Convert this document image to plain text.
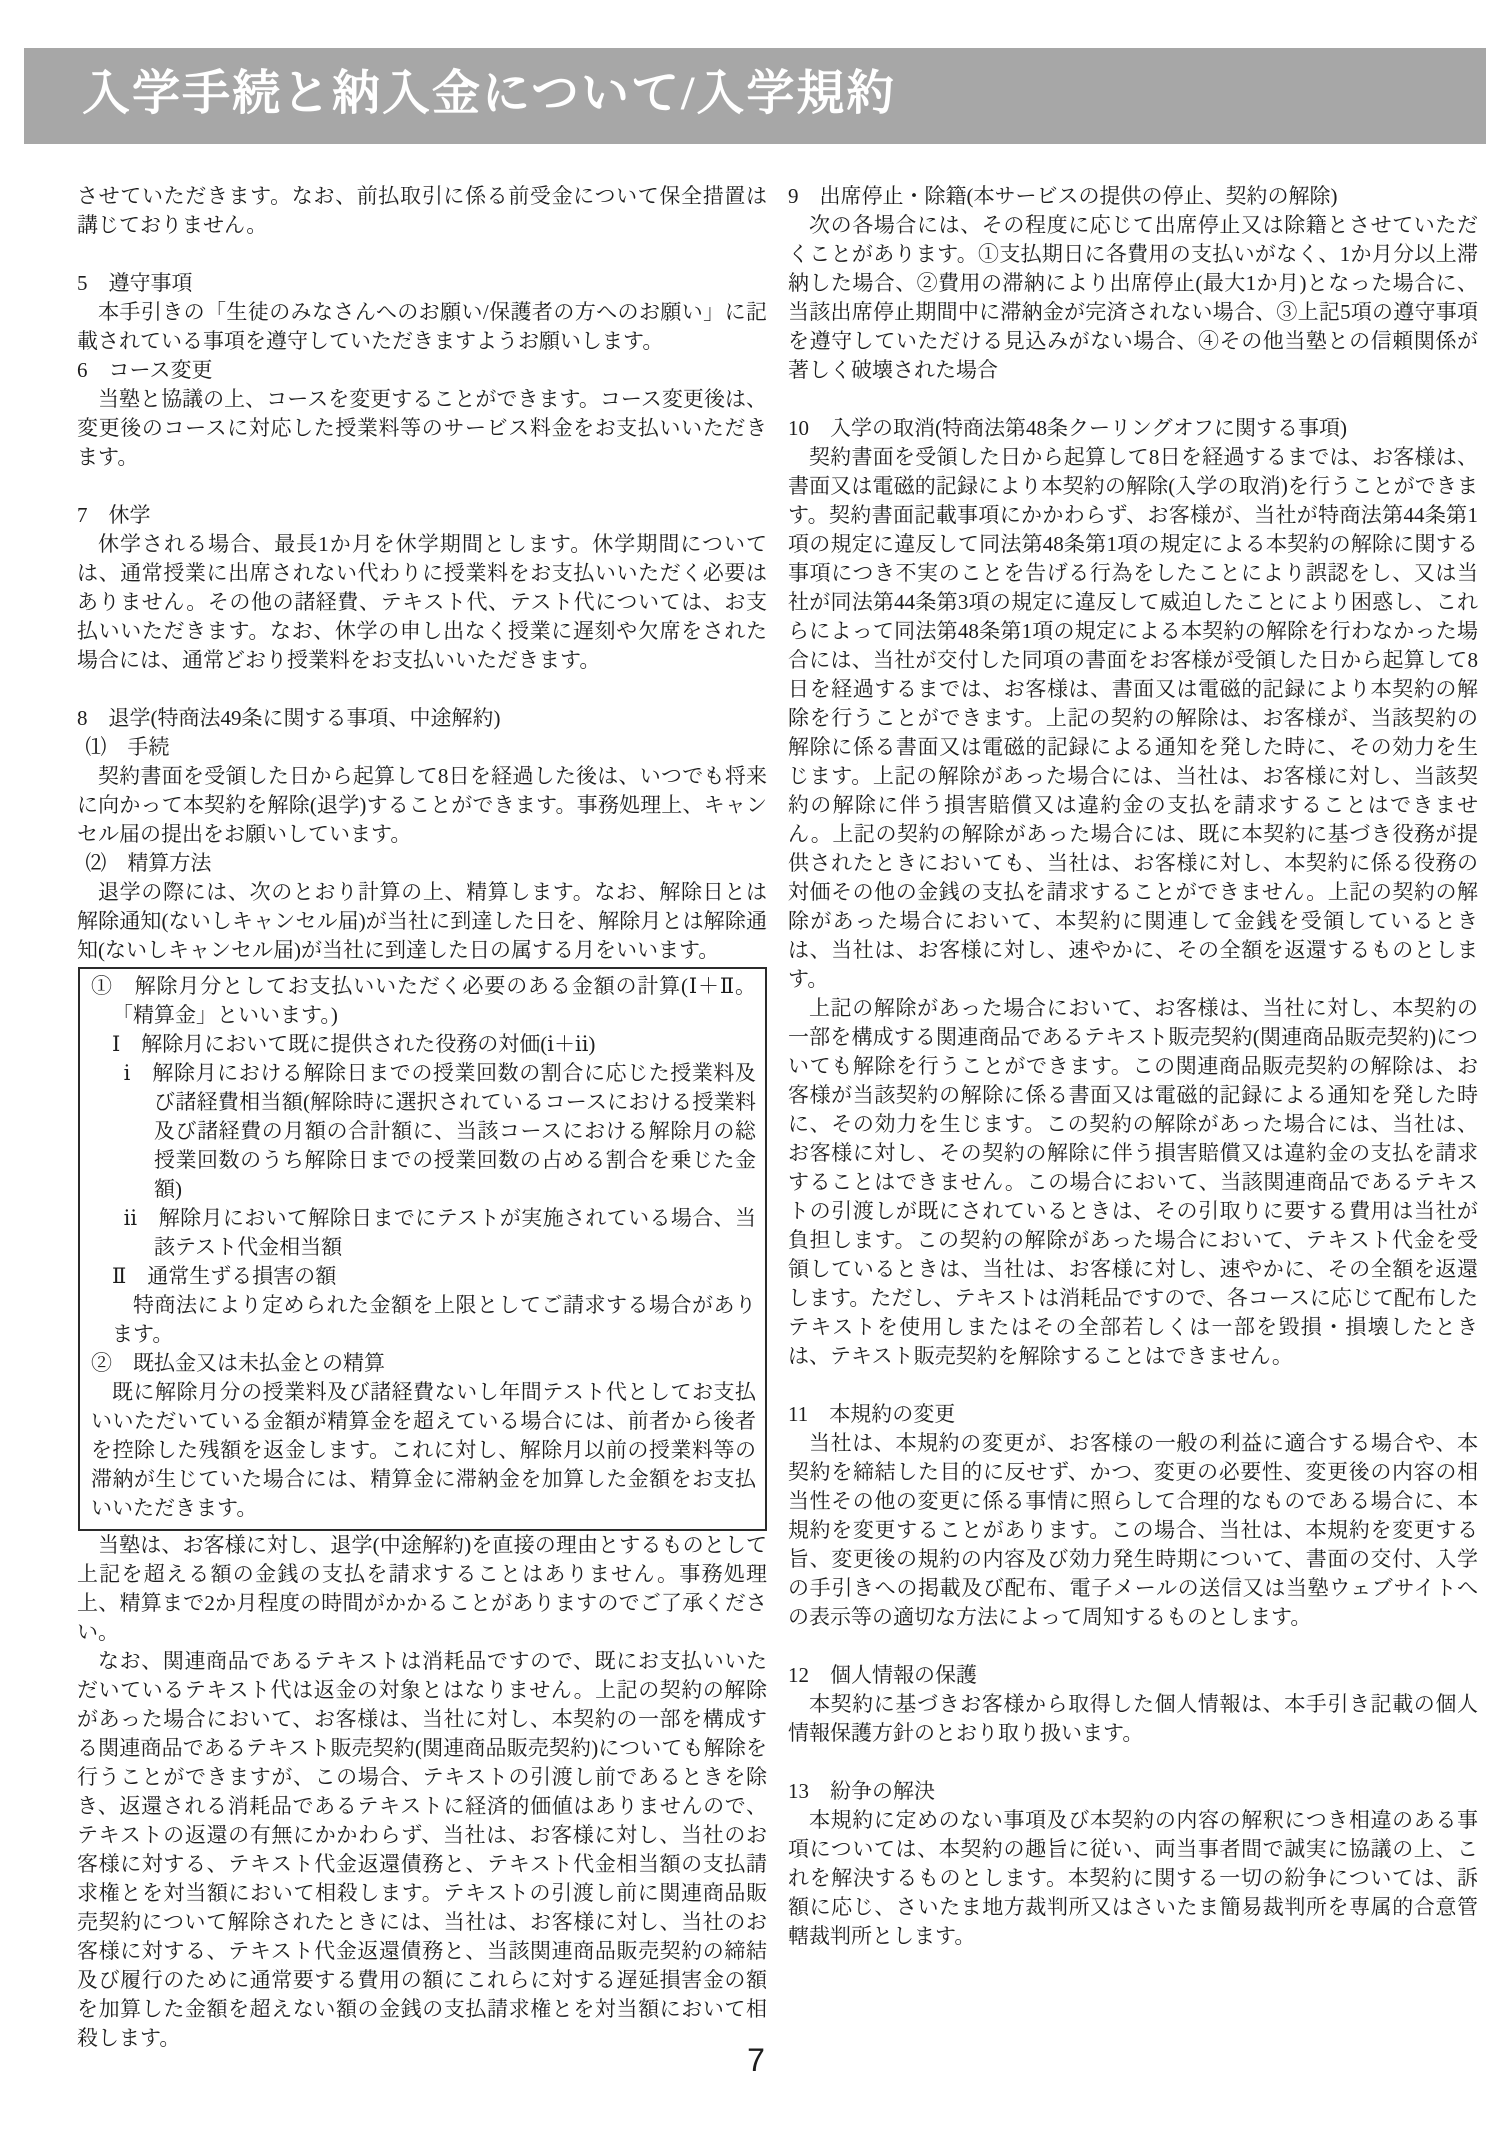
入学手続と納入金について/入学規約

させていただきます。なお、前払取引に係る前受金について保全措置は講じておりません。

5　遵守事項

本手引きの「生徒のみなさんへのお願い/保護者の方へのお願い」に記載されている事項を遵守していただきますようお願いします。

6　コース変更

当塾と協議の上、コースを変更することができます。コース変更後は、変更後のコースに対応した授業料等のサービス料金をお支払いいただきます。

7　休学

休学される場合、最長1か月を休学期間とします。休学期間については、通常授業に出席されない代わりに授業料をお支払いいただく必要はありません。その他の諸経費、テキスト代、テスト代については、お支払いいただきます。なお、休学の申し出なく授業に遅刻や欠席をされた場合には、通常どおり授業料をお支払いいただきます。

8　退学(特商法49条に関する事項、中途解約)
⑴　手続

契約書面を受領した日から起算して8日を経過した後は、いつでも将来に向かって本契約を解除(退学)することができます。事務処理上、キャンセル届の提出をお願いしています。

⑵　精算方法

退学の際には、次のとおり計算の上、精算します。なお、解除日とは解除通知(ないしキャンセル届)が当社に到達した日を、解除月とは解除通知(ないしキャンセル届)が当社に到達した日の属する月をいいます。

①　解除月分としてお支払いいただく必要のある金額の計算(Ⅰ＋Ⅱ。「精算金」といいます。)

Ⅰ　解除月において既に提供された役務の対価(ⅰ＋ⅱ)

ⅰ　解除月における解除日までの授業回数の割合に応じた授業料及び諸経費相当額(解除時に選択されているコースにおける授業料及び諸経費の月額の合計額に、当該コースにおける解除月の総授業回数のうち解除日までの授業回数の占める割合を乗じた金額)

ⅱ　解除月において解除日までにテストが実施されている場合、当該テスト代金相当額

Ⅱ　通常生ずる損害の額

特商法により定められた金額を上限としてご請求する場合があります。

②　既払金又は未払金との精算

既に解除月分の授業料及び諸経費ないし年間テスト代としてお支払いいただいている金額が精算金を超えている場合には、前者から後者を控除した残額を返金します。これに対し、解除月以前の授業料等の滞納が生じていた場合には、精算金に滞納金を加算した金額をお支払いいただきます。

当塾は、お客様に対し、退学(中途解約)を直接の理由とするものとして上記を超える額の金銭の支払を請求することはありません。事務処理上、精算まで2か月程度の時間がかかることがありますのでご了承ください。

なお、関連商品であるテキストは消耗品ですので、既にお支払いいただいているテキスト代は返金の対象とはなりません。上記の契約の解除があった場合において、お客様は、当社に対し、本契約の一部を構成する関連商品であるテキスト販売契約(関連商品販売契約)についても解除を行うことができますが、この場合、テキストの引渡し前であるときを除き、返還される消耗品であるテキストに経済的価値はありませんので、テキストの返還の有無にかかわらず、当社は、お客様に対し、当社のお客様に対する、テキスト代金返還債務と、テキスト代金相当額の支払請求権とを対当額において相殺します。テキストの引渡し前に関連商品販売契約について解除されたときには、当社は、お客様に対し、当社のお客様に対する、テキスト代金返還債務と、当該関連商品販売契約の締結及び履行のために通常要する費用の額にこれらに対する遅延損害金の額を加算した金額を超えない額の金銭の支払請求権とを対当額において相殺します。

9　出席停止・除籍(本サービスの提供の停止、契約の解除)

次の各場合には、その程度に応じて出席停止又は除籍とさせていただくことがあります。①支払期日に各費用の支払いがなく、1か月分以上滞納した場合、②費用の滞納により出席停止(最大1か月)となった場合に、当該出席停止期間中に滞納金が完済されない場合、③上記5項の遵守事項を遵守していただける見込みがない場合、④その他当塾との信頼関係が著しく破壊された場合

10　入学の取消(特商法第48条クーリングオフに関する事項)

契約書面を受領した日から起算して8日を経過するまでは、お客様は、書面又は電磁的記録により本契約の解除(入学の取消)を行うことができます。契約書面記載事項にかかわらず、お客様が、当社が特商法第44条第1項の規定に違反して同法第48条第1項の規定による本契約の解除に関する事項につき不実のことを告げる行為をしたことにより誤認をし、又は当社が同法第44条第3項の規定に違反して威迫したことにより困惑し、これらによって同法第48条第1項の規定による本契約の解除を行わなかった場合には、当社が交付した同項の書面をお客様が受領した日から起算して8日を経過するまでは、お客様は、書面又は電磁的記録により本契約の解除を行うことができます。上記の契約の解除は、お客様が、当該契約の解除に係る書面又は電磁的記録による通知を発した時に、その効力を生じます。上記の解除があった場合には、当社は、お客様に対し、当該契約の解除に伴う損害賠償又は違約金の支払を請求することはできません。上記の契約の解除があった場合には、既に本契約に基づき役務が提供されたときにおいても、当社は、お客様に対し、本契約に係る役務の対価その他の金銭の支払を請求することができません。上記の契約の解除があった場合において、本契約に関連して金銭を受領しているときは、当社は、お客様に対し、速やかに、その全額を返還するものとします。

上記の解除があった場合において、お客様は、当社に対し、本契約の一部を構成する関連商品であるテキスト販売契約(関連商品販売契約)についても解除を行うことができます。この関連商品販売契約の解除は、お客様が当該契約の解除に係る書面又は電磁的記録による通知を発した時に、その効力を生じます。この契約の解除があった場合には、当社は、お客様に対し、その契約の解除に伴う損害賠償又は違約金の支払を請求することはできません。この場合において、当該関連商品であるテキストの引渡しが既にされているときは、その引取りに要する費用は当社が負担します。この契約の解除があった場合において、テキスト代金を受領しているときは、当社は、お客様に対し、速やかに、その全額を返還します。ただし、テキストは消耗品ですので、各コースに応じて配布したテキストを使用しまたはその全部若しくは一部を毀損・損壊したときは、テキスト販売契約を解除することはできません。

11　本規約の変更

当社は、本規約の変更が、お客様の一般の利益に適合する場合や、本契約を締結した目的に反せず、かつ、変更の必要性、変更後の内容の相当性その他の変更に係る事情に照らして合理的なものである場合に、本規約を変更することがあります。この場合、当社は、本規約を変更する旨、変更後の規約の内容及び効力発生時期について、書面の交付、入学の手引きへの掲載及び配布、電子メールの送信又は当塾ウェブサイトへの表示等の適切な方法によって周知するものとします。

12　個人情報の保護

本契約に基づきお客様から取得した個人情報は、本手引き記載の個人情報保護方針のとおり取り扱います。

13　紛争の解決

本規約に定めのない事項及び本契約の内容の解釈につき相違のある事項については、本契約の趣旨に従い、両当事者間で誠実に協議の上、これを解決するものとします。本契約に関する一切の紛争については、訴額に応じ、さいたま地方裁判所又はさいたま簡易裁判所を専属的合意管轄裁判所とします。

7
